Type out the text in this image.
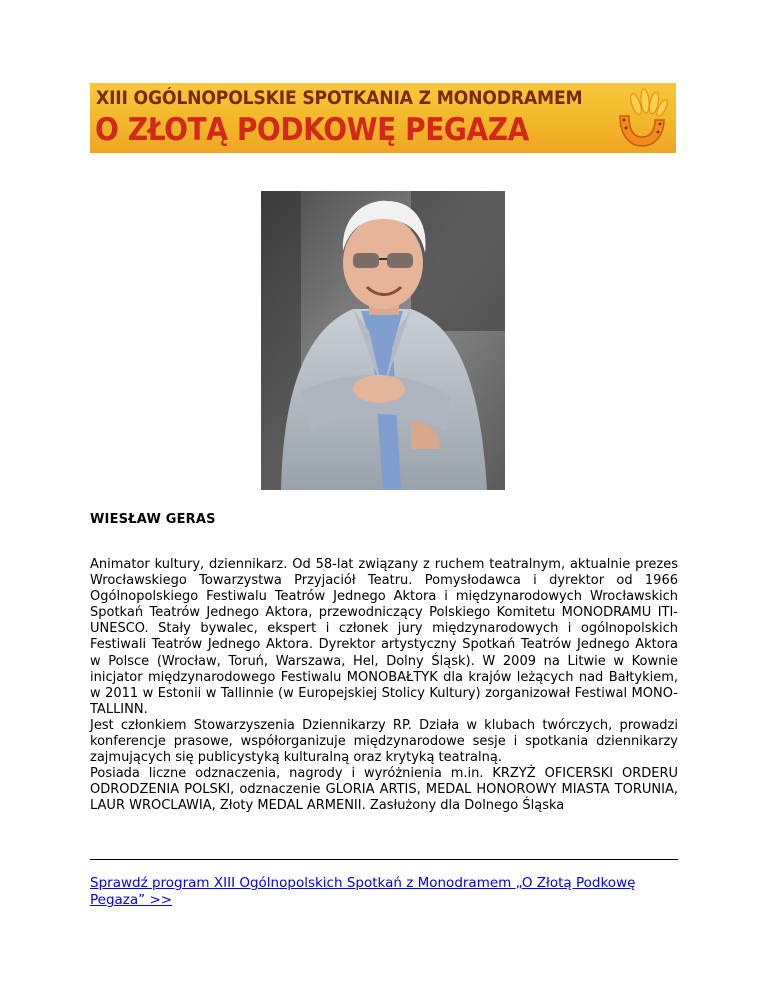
XIII OGÓLNOPOLSKIE SPOTKANIA Z MONODRAMEM
O ZŁOTĄ PODKOWĘ PEGAZA
WIESŁAW GERAS

Animator kultury, dziennikarz. Od 58-lat związany z ruchem teatralnym, aktualnie prezes Wrocławskiego Towarzystwa Przyjaciół Teatru. Pomysłodawca i dyrektor od 1966 Ogólnopolskiego Festiwalu Teatrów Jednego Aktora i międzynarodowych Wrocławskich Spotkań Teatrów Jednego Aktora, przewodniczący Polskiego Komitetu MONODRAMU ITI-UNESCO. Stały bywalec, ekspert i członek jury międzynarodowych i ogólnopolskich Festiwali Teatrów Jednego Aktora. Dyrektor artystyczny Spotkań Teatrów Jednego Aktora w Polsce (Wrocław, Toruń, Warszawa, Hel, Dolny Śląsk). W 2009 na Litwie w Kownie inicjator międzynarodowego Festiwalu MONOBAŁTYK dla krajów leżących nad Bałtykiem, w 2011 w Estonii w Tallinnie (w Europejskiej Stolicy Kultury) zorganizował Festiwal MONO-TALLINN.

Jest członkiem Stowarzyszenia Dziennikarzy RP. Działa w klubach twórczych, prowadzi konferencje prasowe, współorganizuje międzynarodowe sesje i spotkania dziennikarzy zajmujących się publicystyką kulturalną oraz krytyką teatralną.

Posiada liczne odznaczenia, nagrody i wyróżnienia m.in. KRZYŻ OFICERSKI ORDERU ODRODZENIA POLSKI, odznaczenie GLORIA ARTIS, MEDAL HONOROWY MIASTA TORUNIA, LAUR WROCLAWIA, Złoty MEDAL ARMENII. Zasłużony dla Dolnego Śląska

Sprawdź program XIII Ogólnopolskich Spotkań z Monodramem „O Złotą Podkowę Pegaza” >>
